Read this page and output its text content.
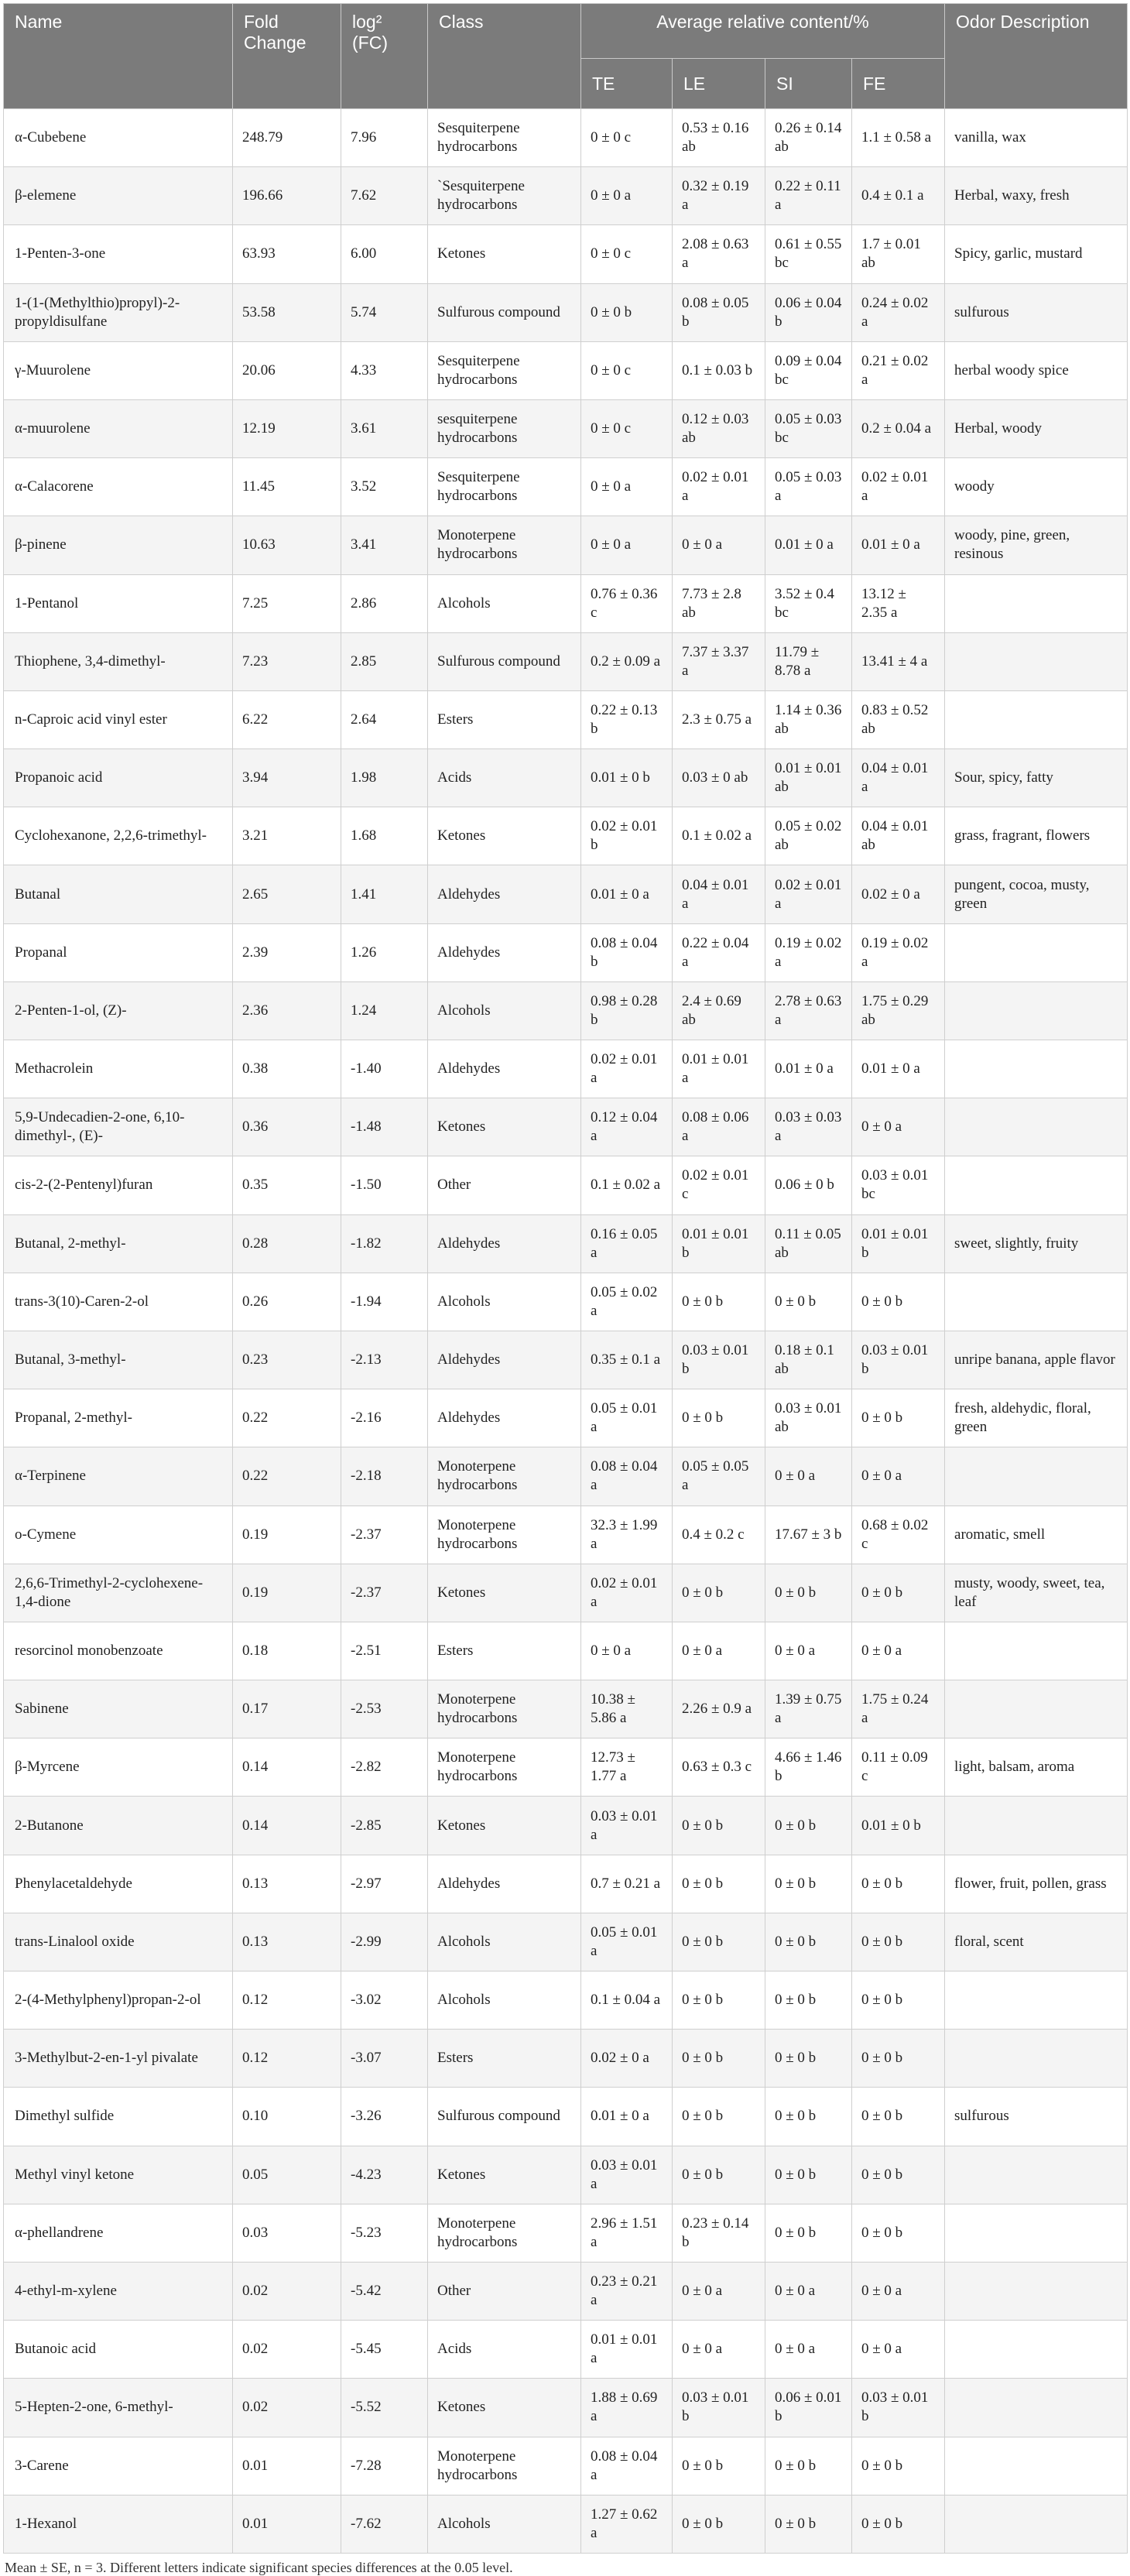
Name	Fold Change	log² (FC)	Class	Average relative content/%				Odor Description
				TE	LE	SI	FE	
α-Cubebene	248.79	7.96	Sesquiterpene hydrocarbons	0 ± 0 c	0.53 ± 0.16 ab	0.26 ± 0.14 ab	1.1 ± 0.58 a	vanilla, wax
β-elemene	196.66	7.62	`Sesquiterpene hydrocarbons	0 ± 0 a	0.32 ± 0.19 a	0.22 ± 0.11 a	0.4 ± 0.1 a	Herbal, waxy, fresh
1-Penten-3-one	63.93	6.00	Ketones	0 ± 0 c	2.08 ± 0.63 a	0.61 ± 0.55 bc	1.7 ± 0.01 ab	Spicy, garlic, mustard
1-(1-(Methylthio)propyl)-2-propyldisulfane	53.58	5.74	Sulfurous compound	0 ± 0 b	0.08 ± 0.05 b	0.06 ± 0.04 b	0.24 ± 0.02 a	sulfurous
γ-Muurolene	20.06	4.33	Sesquiterpene hydrocarbons	0 ± 0 c	0.1 ± 0.03 b	0.09 ± 0.04 bc	0.21 ± 0.02 a	herbal woody spice
α-muurolene	12.19	3.61	sesquiterpene hydrocarbons	0 ± 0 c	0.12 ± 0.03 ab	0.05 ± 0.03 bc	0.2 ± 0.04 a	Herbal, woody
α-Calacorene	11.45	3.52	Sesquiterpene hydrocarbons	0 ± 0 a	0.02 ± 0.01 a	0.05 ± 0.03 a	0.02 ± 0.01 a	woody
β-pinene	10.63	3.41	Monoterpene hydrocarbons	0 ± 0 a	0 ± 0 a	0.01 ± 0 a	0.01 ± 0 a	woody, pine, green, resinous
1-Pentanol	7.25	2.86	Alcohols	0.76 ± 0.36 c	7.73 ± 2.8 ab	3.52 ± 0.4 bc	13.12 ± 2.35 a	
Thiophene, 3,4-dimethyl-	7.23	2.85	Sulfurous compound	0.2 ± 0.09 a	7.37 ± 3.37 a	11.79 ± 8.78 a	13.41 ± 4 a	
n-Caproic acid vinyl ester	6.22	2.64	Esters	0.22 ± 0.13 b	2.3 ± 0.75 a	1.14 ± 0.36 ab	0.83 ± 0.52 ab	
Propanoic acid	3.94	1.98	Acids	0.01 ± 0 b	0.03 ± 0 ab	0.01 ± 0.01 ab	0.04 ± 0.01 a	Sour, spicy, fatty
Cyclohexanone, 2,2,6-trimethyl-	3.21	1.68	Ketones	0.02 ± 0.01 b	0.1 ± 0.02 a	0.05 ± 0.02 ab	0.04 ± 0.01 ab	grass, fragrant, flowers
Butanal	2.65	1.41	Aldehydes	0.01 ± 0 a	0.04 ± 0.01 a	0.02 ± 0.01 a	0.02 ± 0 a	pungent, cocoa, musty, green
Propanal	2.39	1.26	Aldehydes	0.08 ± 0.04 b	0.22 ± 0.04 a	0.19 ± 0.02 a	0.19 ± 0.02 a	
2-Penten-1-ol, (Z)-	2.36	1.24	Alcohols	0.98 ± 0.28 b	2.4 ± 0.69 ab	2.78 ± 0.63 a	1.75 ± 0.29 ab	
Methacrolein	0.38	-1.40	Aldehydes	0.02 ± 0.01 a	0.01 ± 0.01 a	0.01 ± 0 a	0.01 ± 0 a	
5,9-Undecadien-2-one, 6,10-dimethyl-, (E)-	0.36	-1.48	Ketones	0.12 ± 0.04 a	0.08 ± 0.06 a	0.03 ± 0.03 a	0 ± 0 a	
cis-2-(2-Pentenyl)furan	0.35	-1.50	Other	0.1 ± 0.02 a	0.02 ± 0.01 c	0.06 ± 0 b	0.03 ± 0.01 bc	
Butanal, 2-methyl-	0.28	-1.82	Aldehydes	0.16 ± 0.05 a	0.01 ± 0.01 b	0.11 ± 0.05 ab	0.01 ± 0.01 b	sweet, slightly, fruity
trans-3(10)-Caren-2-ol	0.26	-1.94	Alcohols	0.05 ± 0.02 a	0 ± 0 b	0 ± 0 b	0 ± 0 b	
Butanal, 3-methyl-	0.23	-2.13	Aldehydes	0.35 ± 0.1 a	0.03 ± 0.01 b	0.18 ± 0.1 ab	0.03 ± 0.01 b	unripe banana, apple flavor
Propanal, 2-methyl-	0.22	-2.16	Aldehydes	0.05 ± 0.01 a	0 ± 0 b	0.03 ± 0.01 ab	0 ± 0 b	fresh, aldehydic, floral, green
α-Terpinene	0.22	-2.18	Monoterpene hydrocarbons	0.08 ± 0.04 a	0.05 ± 0.05 a	0 ± 0 a	0 ± 0 a	
o-Cymene	0.19	-2.37	Monoterpene hydrocarbons	32.3 ± 1.99 a	0.4 ± 0.2 c	17.67 ± 3 b	0.68 ± 0.02 c	aromatic, smell
2,6,6-Trimethyl-2-cyclohexene-1,4-dione	0.19	-2.37	Ketones	0.02 ± 0.01 a	0 ± 0 b	0 ± 0 b	0 ± 0 b	musty, woody, sweet, tea, leaf
resorcinol monobenzoate	0.18	-2.51	Esters	0 ± 0 a	0 ± 0 a	0 ± 0 a	0 ± 0 a	
Sabinene	0.17	-2.53	Monoterpene hydrocarbons	10.38 ± 5.86 a	2.26 ± 0.9 a	1.39 ± 0.75 a	1.75 ± 0.24 a	
β-Myrcene	0.14	-2.82	Monoterpene hydrocarbons	12.73 ± 1.77 a	0.63 ± 0.3 c	4.66 ± 1.46 b	0.11 ± 0.09 c	light, balsam, aroma
2-Butanone	0.14	-2.85	Ketones	0.03 ± 0.01 a	0 ± 0 b	0 ± 0 b	0.01 ± 0 b	
Phenylacetaldehyde	0.13	-2.97	Aldehydes	0.7 ± 0.21 a	0 ± 0 b	0 ± 0 b	0 ± 0 b	flower, fruit, pollen, grass
trans-Linalool oxide	0.13	-2.99	Alcohols	0.05 ± 0.01 a	0 ± 0 b	0 ± 0 b	0 ± 0 b	floral, scent
2-(4-Methylphenyl)propan-2-ol	0.12	-3.02	Alcohols	0.1 ± 0.04 a	0 ± 0 b	0 ± 0 b	0 ± 0 b	
3-Methylbut-2-en-1-yl pivalate	0.12	-3.07	Esters	0.02 ± 0 a	0 ± 0 b	0 ± 0 b	0 ± 0 b	
Dimethyl sulfide	0.10	-3.26	Sulfurous compound	0.01 ± 0 a	0 ± 0 b	0 ± 0 b	0 ± 0 b	sulfurous
Methyl vinyl ketone	0.05	-4.23	Ketones	0.03 ± 0.01 a	0 ± 0 b	0 ± 0 b	0 ± 0 b	
α-phellandrene	0.03	-5.23	Monoterpene hydrocarbons	2.96 ± 1.51 a	0.23 ± 0.14 b	0 ± 0 b	0 ± 0 b	
4-ethyl-m-xylene	0.02	-5.42	Other	0.23 ± 0.21 a	0 ± 0 a	0 ± 0 a	0 ± 0 a	
Butanoic acid	0.02	-5.45	Acids	0.01 ± 0.01 a	0 ± 0 a	0 ± 0 a	0 ± 0 a	
5-Hepten-2-one, 6-methyl-	0.02	-5.52	Ketones	1.88 ± 0.69 a	0.03 ± 0.01 b	0.06 ± 0.01 b	0.03 ± 0.01 b	
3-Carene	0.01	-7.28	Monoterpene hydrocarbons	0.08 ± 0.04 a	0 ± 0 b	0 ± 0 b	0 ± 0 b	
1-Hexanol	0.01	-7.62	Alcohols	1.27 ± 0.62 a	0 ± 0 b	0 ± 0 b	0 ± 0 b	
Mean ± SE, n = 3. Different letters indicate significant species differences at the 0.05 level.
